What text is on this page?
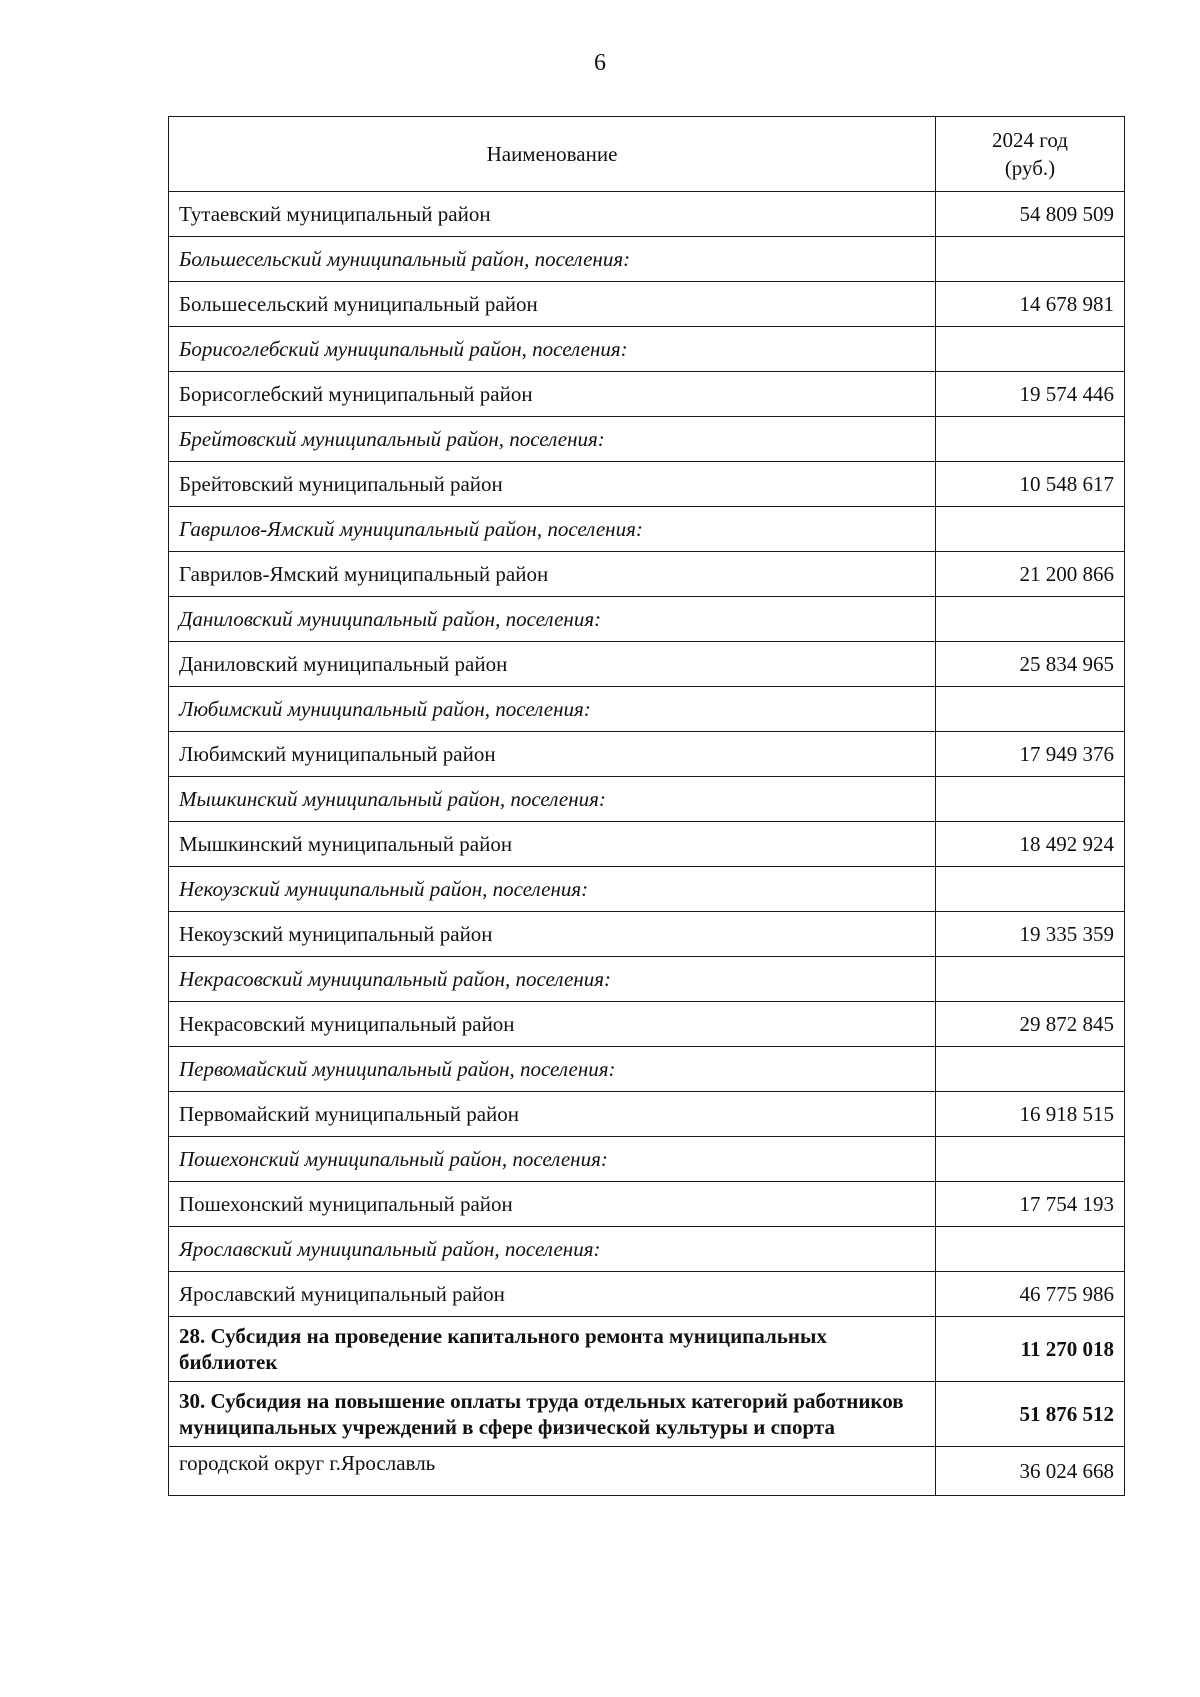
6
Наименование	2024 год
(руб.)
Тутаевский муниципальный район	54 809 509
Большесельский муниципальный район, поселения:	
Большесельский муниципальный район	14 678 981
Борисоглебский муниципальный район, поселения:	
Борисоглебский муниципальный район	19 574 446
Брейтовский муниципальный район, поселения:	
Брейтовский муниципальный район	10 548 617
Гаврилов-Ямский муниципальный район, поселения:	
Гаврилов-Ямский муниципальный район	21 200 866
Даниловский муниципальный район, поселения:	
Даниловский муниципальный район	25 834 965
Любимский муниципальный район, поселения:	
Любимский муниципальный район	17 949 376
Мышкинский муниципальный район, поселения:	
Мышкинский муниципальный район	18 492 924
Некоузский муниципальный район, поселения:	
Некоузский муниципальный район	19 335 359
Некрасовский муниципальный район, поселения:	
Некрасовский муниципальный район	29 872 845
Первомайский муниципальный район, поселения:	
Первомайский муниципальный район	16 918 515
Пошехонский муниципальный район, поселения:	
Пошехонский муниципальный район	17 754 193
Ярославский муниципальный район, поселения:	
Ярославский муниципальный район	46 775 986
28. Субсидия на проведение капитального ремонта муниципальных библиотек	11 270 018
30. Субсидия на повышение оплаты труда отдельных категорий работников муниципальных учреждений в сфере физической культуры и спорта	51 876 512
городской округ г.Ярославль	36 024 668
